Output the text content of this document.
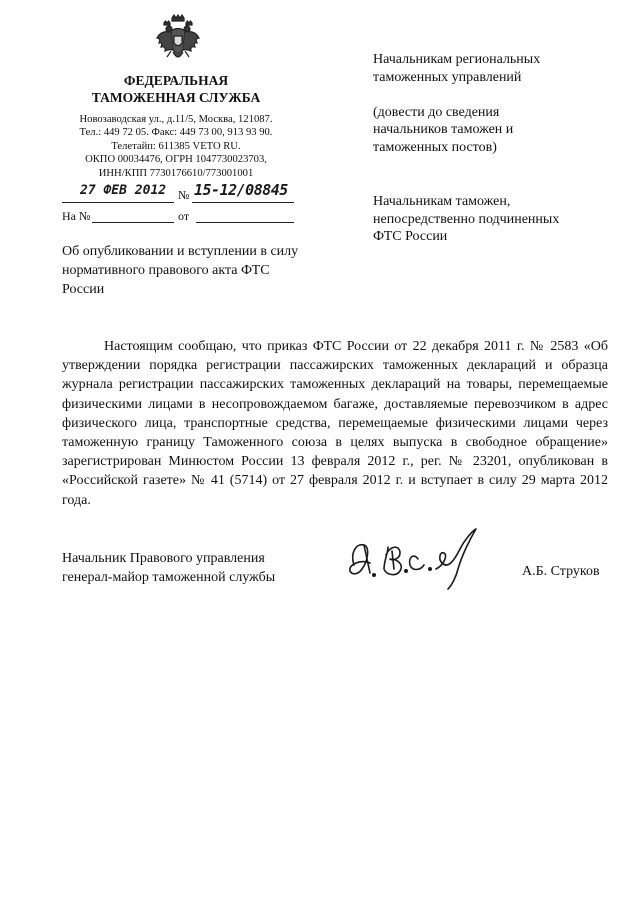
ФЕДЕРАЛЬНАЯ
ТАМОЖЕННАЯ СЛУЖБА
Новозаводская ул., д.11/5, Москва, 121087.
Тел.: 449 72 05. Факс: 449 73 00, 913 93 90.
Телетайп: 611385 VETO RU.
ОКПО 00034476, ОГРН 1047730023703,
ИНН/КПП 7730176610/773001001
27 ФЕВ 2012 № 15-12/08845
На №	от
Начальникам региональных
таможенных управлений
(довести до сведения
начальников таможен и
таможенных постов)
Начальникам таможен,
непосредственно подчиненных
ФТС России
Об опубликовании и вступлении в силу нормативного правового акта ФТС России

Настоящим сообщаю, что приказ ФТС России от 22 декабря 2011 г. № 2583 «Об утверждении порядка регистрации пассажирских таможенных деклараций и образца журнала регистрации пассажирских таможенных деклараций на товары, перемещаемые физическими лицами в несопровождаемом багаже, доставляемые перевозчиком в адрес физического лица, транспортные средства, перемещаемые физическими лицами через таможенную границу Таможенного союза в целях выпуска в свободное обращение» зарегистрирован Минюстом России 13 февраля 2012 г., рег. № 23201, опубликован в «Российской газете» № 41 (5714) от 27 февраля 2012 г. и вступает в силу 29 марта 2012 года.

Начальник Правового управления
генерал-майор таможенной службы	А.Б. Струков
